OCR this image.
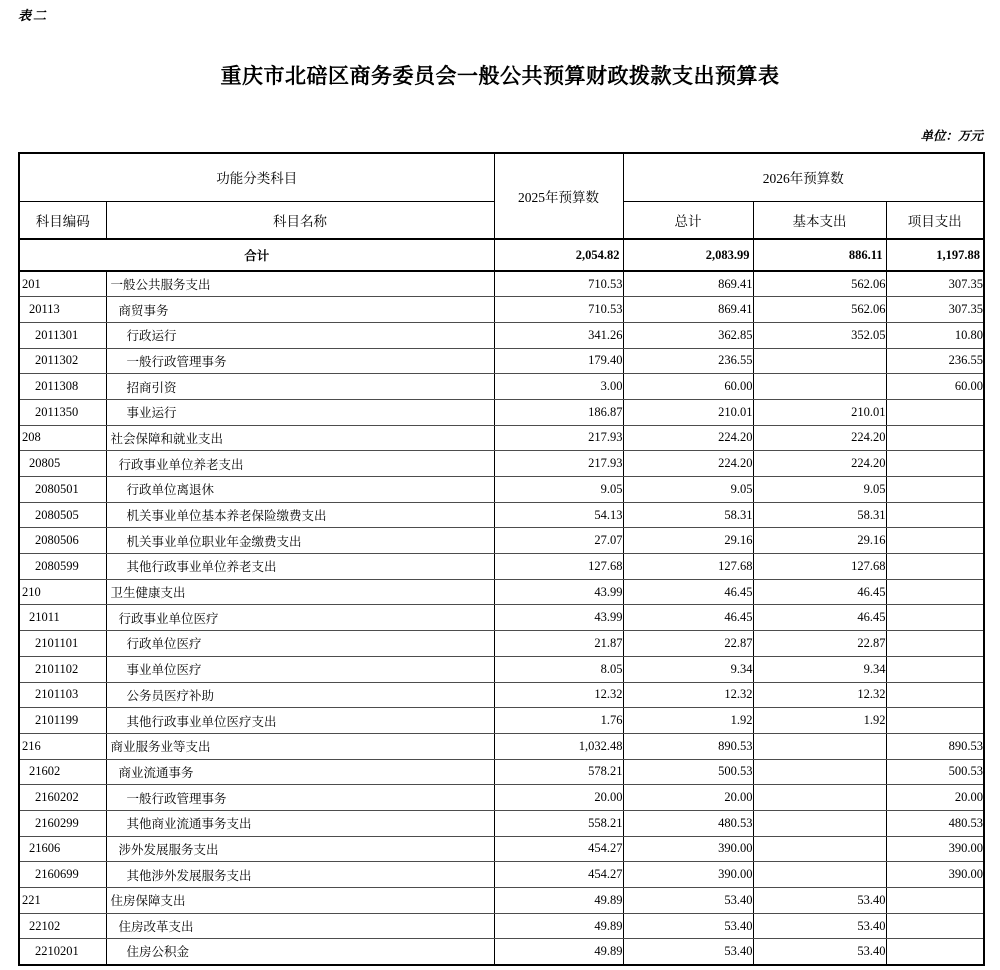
表二
重庆市北碚区商务委员会一般公共预算财政拨款支出预算表
单位：万元
功能分类科目		2025年预算数	2026年预算数		
科目编码	科目名称		总计	基本支出	项目支出
合计		2,054.82	2,083.99	886.11	1,197.88
201	一般公共服务支出	710.53	869.41	562.06	307.35
20113	商贸事务	710.53	869.41	562.06	307.35
2011301	行政运行	341.26	362.85	352.05	10.80
2011302	一般行政管理事务	179.40	236.55		236.55
2011308	招商引资	3.00	60.00		60.00
2011350	事业运行	186.87	210.01	210.01	
208	社会保障和就业支出	217.93	224.20	224.20	
20805	行政事业单位养老支出	217.93	224.20	224.20	
2080501	行政单位离退休	9.05	9.05	9.05	
2080505	机关事业单位基本养老保险缴费支出	54.13	58.31	58.31	
2080506	机关事业单位职业年金缴费支出	27.07	29.16	29.16	
2080599	其他行政事业单位养老支出	127.68	127.68	127.68	
210	卫生健康支出	43.99	46.45	46.45	
21011	行政事业单位医疗	43.99	46.45	46.45	
2101101	行政单位医疗	21.87	22.87	22.87	
2101102	事业单位医疗	8.05	9.34	9.34	
2101103	公务员医疗补助	12.32	12.32	12.32	
2101199	其他行政事业单位医疗支出	1.76	1.92	1.92	
216	商业服务业等支出	1,032.48	890.53		890.53
21602	商业流通事务	578.21	500.53		500.53
2160202	一般行政管理事务	20.00	20.00		20.00
2160299	其他商业流通事务支出	558.21	480.53		480.53
21606	涉外发展服务支出	454.27	390.00		390.00
2160699	其他涉外发展服务支出	454.27	390.00		390.00
221	住房保障支出	49.89	53.40	53.40	
22102	住房改革支出	49.89	53.40	53.40	
2210201	住房公积金	49.89	53.40	53.40	
